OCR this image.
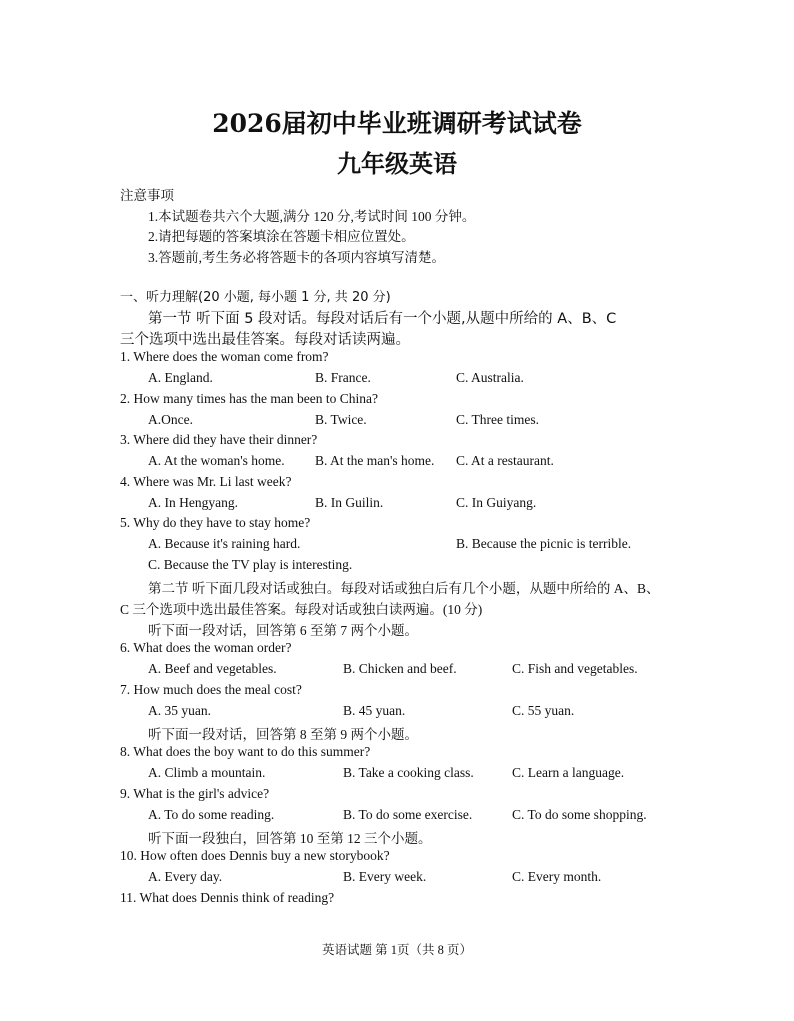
2026届初中毕业班调研考试试卷
九年级英语
注意事项
1.本试题卷共六个大题,满分 120 分,考试时间 100 分钟。
2.请把每题的答案填涂在答题卡相应位置处。
3.答题前,考生务必将答题卡的各项内容填写清楚。
一、听力理解(20 小题, 每小题 1 分, 共 20 分)
第一节 听下面 5 段对话。每段对话后有一个小题,从题中所给的 A、B、C
三个选项中选出最佳答案。每段对话读两遍。
1. Where does the woman come from?
A. England.	B. France.	C. Australia.
2. How many times has the man been to China?
A.Once.	B. Twice.	C. Three times.
3. Where did they have their dinner?
A. At the woman's home. B. At the man's home. C. At a restaurant.
4. Where was Mr. Li last week?
A. In Hengyang.	B. In Guilin.	C. In Guiyang.
5. Why do they have to stay home?
A. Because it's raining hard.	B. Because the picnic is terrible.
C. Because the TV play is interesting.
第二节 听下面几段对话或独白。每段对话或独白后有几个小题，从题中所给的 A、B、
C 三个选项中选出最佳答案。每段对话或独白读两遍。(10 分)
听下面一段对话，回答第 6 至第 7 两个小题。
6. What does the woman order?
A. Beef and vegetables.	B. Chicken and beef.	C. Fish and vegetables.
7. How much does the meal cost?
A. 35 yuan.	B. 45 yuan.	C. 55 yuan.
听下面一段对话，回答第 8 至第 9 两个小题。
8. What does the boy want to do this summer?
A. Climb a mountain.	B. Take a cooking class.	C. Learn a language.
9. What is the girl's advice?
A. To do some reading.	B. To do some exercise.	C. To do some shopping.
听下面一段独白，回答第 10 至第 12 三个小题。
10. How often does Dennis buy a new storybook?
A. Every day.	B. Every week.	C. Every month.
11. What does Dennis think of reading?
英语试题 第 1页（共 8 页）
